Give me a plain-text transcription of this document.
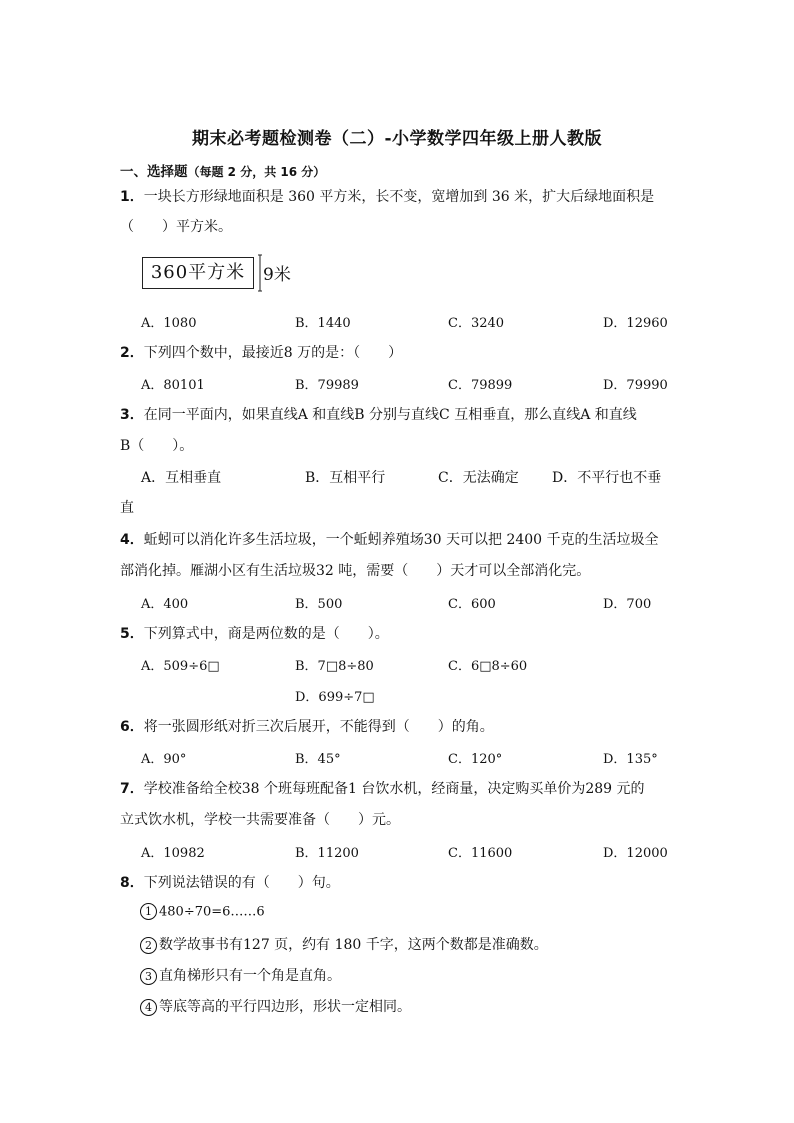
期末必考题检测卷（二）-小学数学四年级上册人教版
一、选择题（每题 2 分，共 16 分）
1．一块长方形绿地面积是 360 平方米，长不变，宽增加到 36 米，扩大后绿地面积是
（　　）平方米。
360平方米	9米
A．1080	B．1440	C．3240	D．12960
2．下列四个数中，最接近8 万的是：（　　）
A．80101	B．79989	C．79899	D．79990
3．在同一平面内，如果直线A 和直线B 分别与直线C 互相垂直，那么直线A 和直线
B（　　）。
A．互相垂直	B．互相平行	C．无法确定 D．不平行也不垂
直
4．蚯蚓可以消化许多生活垃圾，一个蚯蚓养殖场30 天可以把 2400 千克的生活垃圾全
部消化掉。雁湖小区有生活垃圾32 吨，需要（　　）天才可以全部消化完。
A．400	B．500	C．600	D．700
5．下列算式中，商是两位数的是（　　）。
A．509÷6□	B．7□8÷80	C．6□8÷60
D．699÷7□
6．将一张圆形纸对折三次后展开，不能得到（　　）的角。
A．90°	B．45°	C．120°	D．135°
7．学校准备给全校38 个班每班配备1 台饮水机，经商量，决定购买单价为289 元的
立式饮水机，学校一共需要准备（　　）元。
A．10982	B．11200	C．11600	D．12000
8．下列说法错误的有（　　）句。
1 480÷70=6……6
2 数学故事书有127 页，约有 180 千字，这两个数都是准确数。
3 直角梯形只有一个角是直角。
4 等底等高的平行四边形，形状一定相同。
